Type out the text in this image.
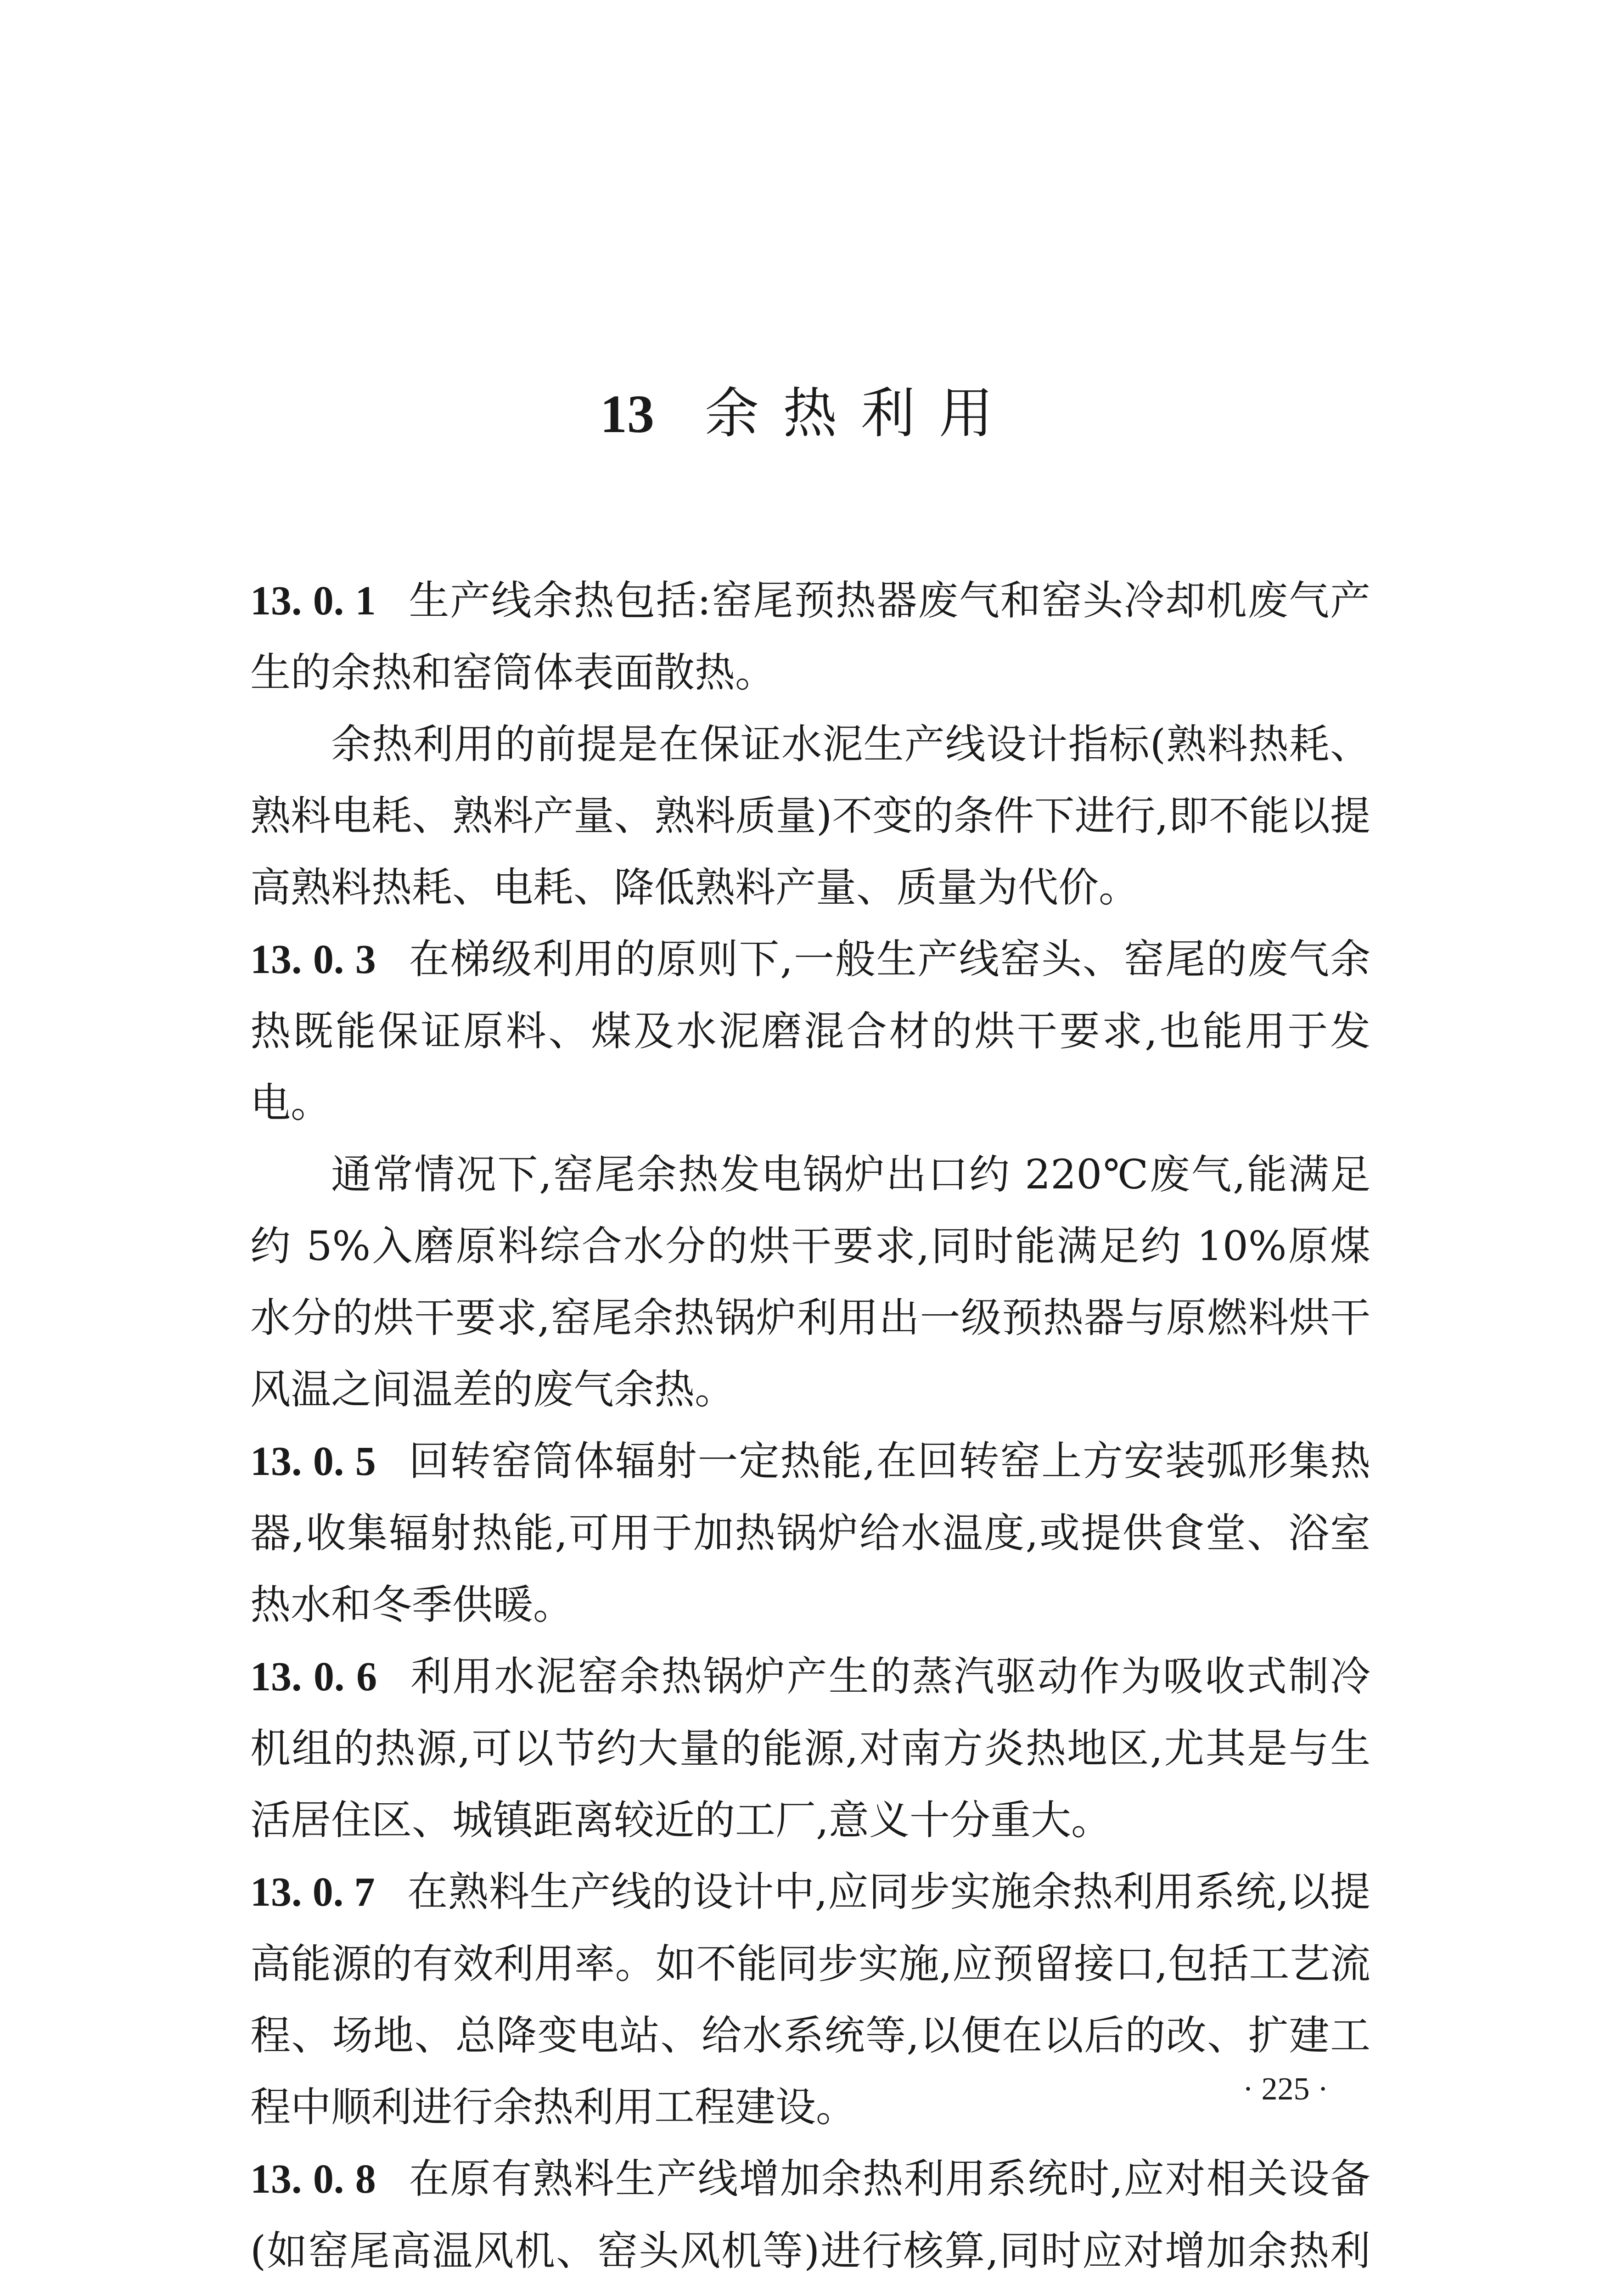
13 余热利用

13. 0. 1 生产线余热包括:窑尾预热器废气和窑头冷却机废气产生的余热和窑筒体表面散热。

余热利用的前提是在保证水泥生产线设计指标(熟料热耗、熟料电耗、熟料产量、熟料质量)不变的条件下进行,即不能以提高熟料热耗、电耗、降低熟料产量、质量为代价。

13. 0. 3 在梯级利用的原则下,一般生产线窑头、窑尾的废气余热既能保证原料、煤及水泥磨混合材的烘干要求,也能用于发电。

通常情况下,窑尾余热发电锅炉出口约 220℃废气,能满足约 5%入磨原料综合水分的烘干要求,同时能满足约 10%原煤水分的烘干要求,窑尾余热锅炉利用出一级预热器与原燃料烘干风温之间温差的废气余热。

13. 0. 5 回转窑筒体辐射一定热能,在回转窑上方安装弧形集热器,收集辐射热能,可用于加热锅炉给水温度,或提供食堂、浴室热水和冬季供暖。

13. 0. 6 利用水泥窑余热锅炉产生的蒸汽驱动作为吸收式制冷机组的热源,可以节约大量的能源,对南方炎热地区,尤其是与生活居住区、城镇距离较近的工厂,意义十分重大。

13. 0. 7 在熟料生产线的设计中,应同步实施余热利用系统,以提高能源的有效利用率。如不能同步实施,应预留接口,包括工艺流程、场地、总降变电站、给水系统等,以便在以后的改、扩建工程中顺利进行余热利用工程建设。

13. 0. 8 在原有熟料生产线增加余热利用系统时,应对相关设备(如窑尾高温风机、窑头风机等)进行核算,同时应对增加余热利

· 225 ·
